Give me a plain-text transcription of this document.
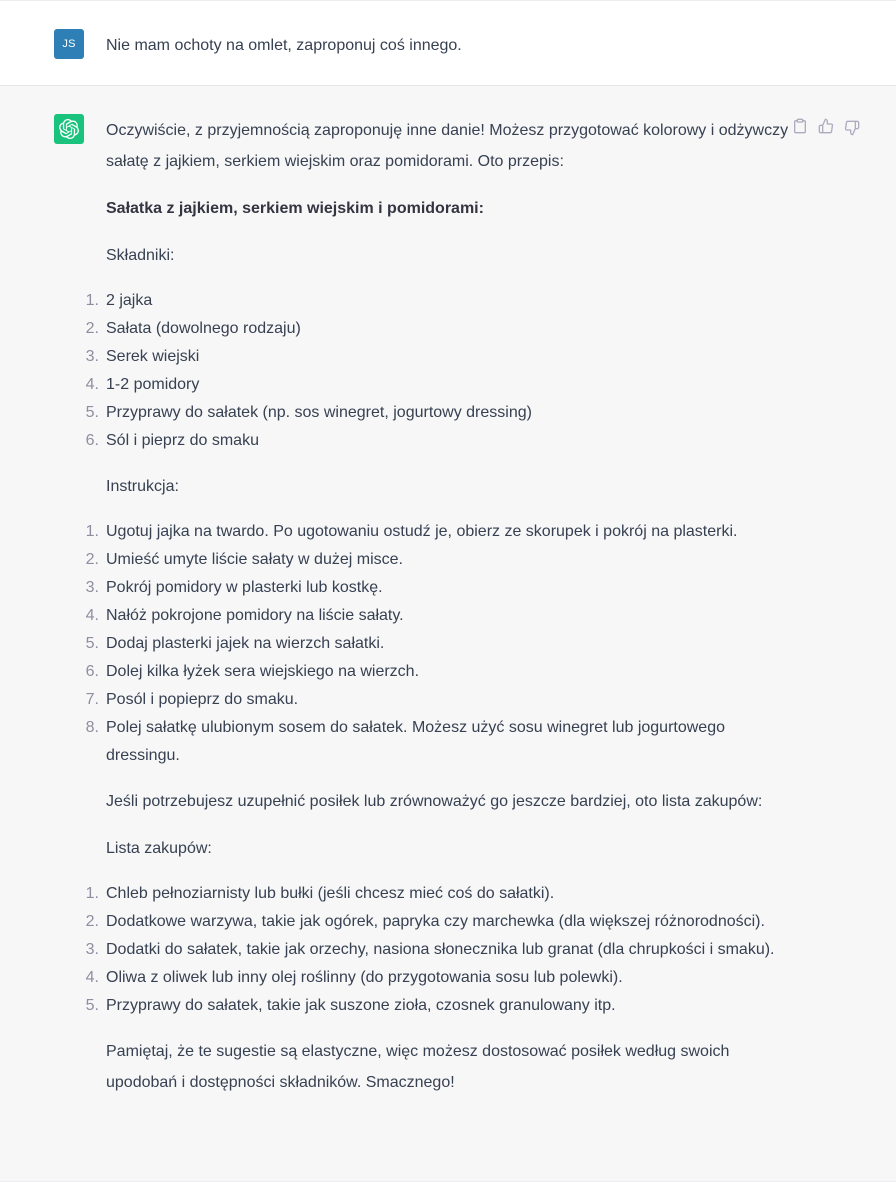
JS	Nie mam ochoty na omlet, zaproponuj coś innego.

Oczywiście, z przyjemnością zaproponuję inne danie! Możesz przygotować kolorowy i odżywczy sałatę z jajkiem, serkiem wiejskim oraz pomidorami. Oto przepis:

Sałatka z jajkiem, serkiem wiejskim i pomidorami:

Składniki:

1. 2 jajka
2. Sałata (dowolnego rodzaju)
3. Serek wiejski
4. 1-2 pomidory
5. Przyprawy do sałatek (np. sos winegret, jogurtowy dressing)
6. Sól i pieprz do smaku

Instrukcja:

1. Ugotuj jajka na twardo. Po ugotowaniu ostudź je, obierz ze skorupek i pokrój na plasterki.
2. Umieść umyte liście sałaty w dużej misce.
3. Pokrój pomidory w plasterki lub kostkę.
4. Nałóż pokrojone pomidory na liście sałaty.
5. Dodaj plasterki jajek na wierzch sałatki.
6. Dolej kilka łyżek sera wiejskiego na wierzch.
7. Posól i popieprz do smaku.
8. Polej sałatkę ulubionym sosem do sałatek. Możesz użyć sosu winegret lub jogurtowego dressingu.

Jeśli potrzebujesz uzupełnić posiłek lub zrównoważyć go jeszcze bardziej, oto lista zakupów:

Lista zakupów:

1. Chleb pełnoziarnisty lub bułki (jeśli chcesz mieć coś do sałatki).
2. Dodatkowe warzywa, takie jak ogórek, papryka czy marchewka (dla większej różnorodności).
3. Dodatki do sałatek, takie jak orzechy, nasiona słonecznika lub granat (dla chrupkości i smaku).
4. Oliwa z oliwek lub inny olej roślinny (do przygotowania sosu lub polewki).
5. Przyprawy do sałatek, takie jak suszone zioła, czosnek granulowany itp.

Pamiętaj, że te sugestie są elastyczne, więc możesz dostosować posiłek według swoich upodobań i dostępności składników. Smacznego!
